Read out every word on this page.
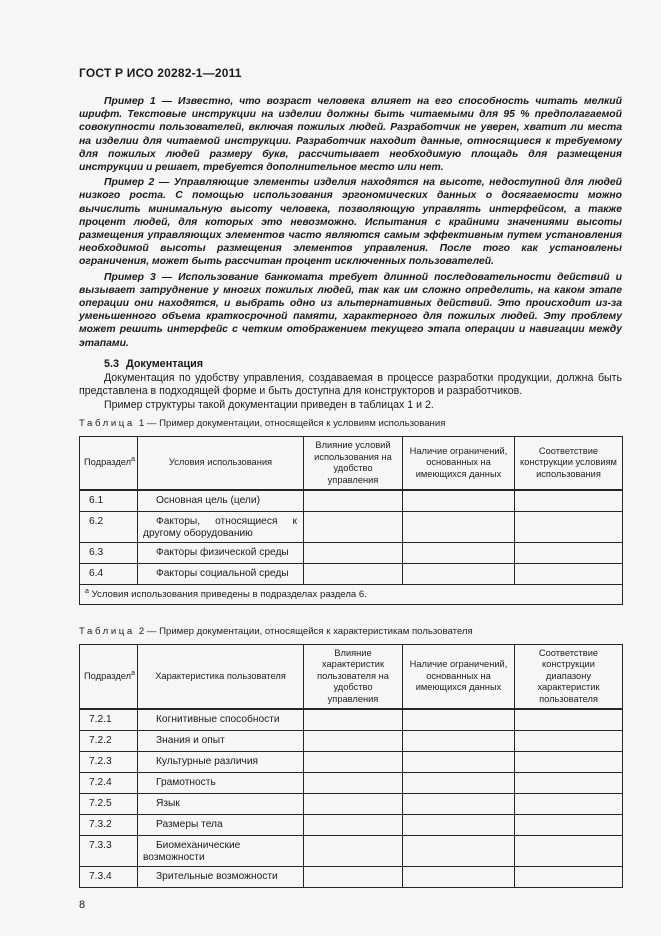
ГОСТ Р ИСО 20282-1—2011

Пример 1 — Известно, что возраст человека влияет на его способность читать мелкий шрифт. Текстовые инструкции на изделии должны быть читаемыми для 95 % предполагаемой совокупности пользователей, включая пожилых людей. Разработчик не уверен, хватит ли места на изделии для читаемой инструкции. Разработчик находит данные, относящиеся к требуемому для пожилых людей размеру букв, рассчитывает необходимую площадь для размещения инструкции и решает, требуется дополнительное место или нет.

Пример 2 — Управляющие элементы изделия находятся на высоте, недоступной для людей низкого роста. С помощью использования эргономических данных о досягаемости можно вычислить минимальную высоту человека, позволяющую управлять интерфейсом, а также процент людей, для которых это невозможно. Испытания с крайними значениями высоты размещения управляющих элементов часто являются самым эффективным путем установления необходимой высоты размещения элементов управления. После того как установлены ограничения, может быть рассчитан процент исключенных пользователей.

Пример 3 — Использование банкомата требует длинной последовательности действий и вызывает затруднение у многих пожилых людей, так как им сложно определить, на каком этапе операции они находятся, и выбрать одно из альтернативных действий. Это происходит из-за уменьшенного объема краткосрочной памяти, характерного для пожилых людей. Эту проблему может решить интерфейс с четким отображением текущего этапа операции и навигации между этапами.

5.3 Документация

Документация по удобству управления, создаваемая в процессе разработки продукции, должна быть представлена в подходящей форме и быть доступна для конструкторов и разработчиков.

Пример структуры такой документации приведен в таблицах 1 и 2.

Таблица 1 — Пример документации, относящейся к условиям использования

Подраздел$^а$	Условия использования	Влияние условий использования на удобство управления	Наличие ограничений, основанных на имеющихся данных	Соответствие конструкции условиям использования
6.1	Основная цель (цели)			
6.2	Факторы, относящиеся к другому оборудованию			
6.3	Факторы физической среды			
6.4	Факторы социальной среды			
$^а$ Условия использования приведены в подразделах раздела 6.				

Таблица 2 — Пример документации, относящейся к характеристикам пользователя

Подраздел$^а$	Характеристика пользователя	Влияние характеристик пользователя на удобство управления	Наличие ограничений, основанных на имеющихся данных	Соответствие конструкции диапазону характеристик пользователя
7.2.1	Когнитивные способности			
7.2.2	Знания и опыт			
7.2.3	Культурные различия			
7.2.4	Грамотность			
7.2.5	Язык			
7.3.2	Размеры тела			
7.3.3	Биомеханические возможности			
7.3.4	Зрительные возможности			
8
